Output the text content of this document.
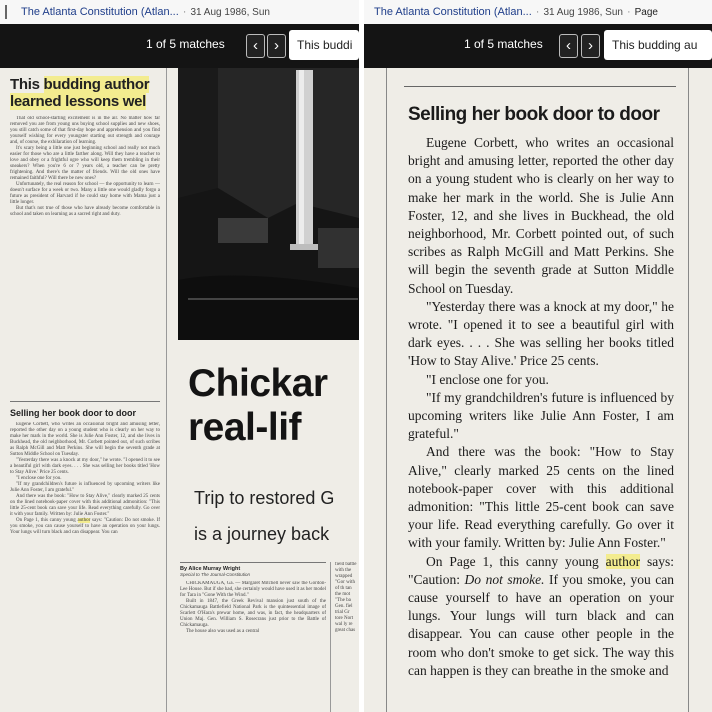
The Atlanta Constitution (Atlan... · 31 Aug 1986, Sun
1 of 5 matches	‹	›	This buddi
This budding author
learned lessons wel

That old school-starting excitement is in the air. No matter how far removed you are from young uns buying school supplies and new shoes, you still catch some of that first-day hope and apprehension and you find yourself wishing for every youngster starting out strength and courage and, of course, the exhilaration of learning.

It's scary being a little one just beginning school and really not much easier for those who are a little farther along. Will they have a teacher to love and obey or a frightful ogre who will keep them trembling in their sneakers? When you're 6 or 7 years old, a teacher can be pretty frightening. And there's the matter of friends. Will the old ones have remained faithful? Will there be new ones?

Unfortunately, the real reason for school — the opportunity to learn — doesn't surface for a week or two. Many a little one would gladly forgo a future as president of Harvard if he could stay home with Mama just a little longer.

But that's not true of those who have already become comfortable in school and taken on learning as a sacred right and duty.

Selling her book door to door

Eugene Corbett, who writes an occasional bright and amusing letter, reported the other day on a young student who is clearly on her way to make her mark in the world. She is Julie Ann Foster, 12, and she lives in Buckhead, the old neighborhood, Mr. Corbett pointed out, of such scribes as Ralph McGill and Matt Perkins. She will begin the seventh grade at Sutton Middle School on Tuesday.

"Yesterday there was a knock at my door," he wrote. "I opened it to see a beautiful girl with dark eyes. . . . She was selling her books titled 'How to Stay Alive.' Price 25 cents.

"I enclose one for you.

"If my grandchildren's future is influenced by upcoming writers like Julie Ann Foster, I am grateful."

And there was the book: "How to Stay Alive," clearly marked 25 cents on the lined notebook-paper cover with this additional admonition: "This little 25-cent book can save your life. Read everything carefully. Go over it with your family. Written by: Julie Ann Foster."

On Page 1, this canny young author says: "Caution: Do not smoke. If you smoke, you can cause yourself to have an operation on your lungs. Your lungs will turn black and can disappear. You can

Chickar
real-lif
Trip to restored G
is a journey back
By Alice Murray Wright
Special to The Journal-Constitution

CHICKAMAUGA, Ga. — Margaret Mitchell never saw the Gordon-Lee House. But if she had, she certainly would have used it as her model for Tara in "Gone With the Wind."

Built in 1847, the Greek Revival mansion just south of the Chickamauga Battlefield National Park is the quintessential image of Scarlett O'Hara's prewar home, and was, in fact, the headquarters of Union Maj. Gen. William S. Rosecrans just prior to the Battle of Chickamauga.

The house also was used as a central

field battle with the wrapped "Gor with of th tan the mot "The ba Gen. fiel trial Gr tore Nort wal ly re great chas
The Atlanta Constitution (Atlan... · 31 Aug 1986, Sun · Page
1 of 5 matches	‹	›	This budding au
Selling her book door to door

Eugene Corbett, who writes an occasional bright and amusing letter, reported the other day on a young student who is clearly on her way to make her mark in the world. She is Julie Ann Foster, 12, and she lives in Buckhead, the old neighborhood, Mr. Corbett pointed out, of such scribes as Ralph McGill and Matt Perkins. She will begin the seventh grade at Sutton Middle School on Tuesday.

"Yesterday there was a knock at my door," he wrote. "I opened it to see a beautiful girl with dark eyes. . . . She was selling her books titled 'How to Stay Alive.' Price 25 cents.

"I enclose one for you.

"If my grandchildren's future is influenced by upcoming writers like Julie Ann Foster, I am grateful."

And there was the book: "How to Stay Alive," clearly marked 25 cents on the lined notebook-paper cover with this additional admonition: "This little 25-cent book can save your life. Read everything carefully. Go over it with your family. Written by: Julie Ann Foster."

On Page 1, this canny young author says: "Caution: Do not smoke. If you smoke, you can cause yourself to have an operation on your lungs. Your lungs will turn black and can disappear. You can cause other people in the room who don't smoke to get sick. The way this can happen is they can breathe in the smoke and
